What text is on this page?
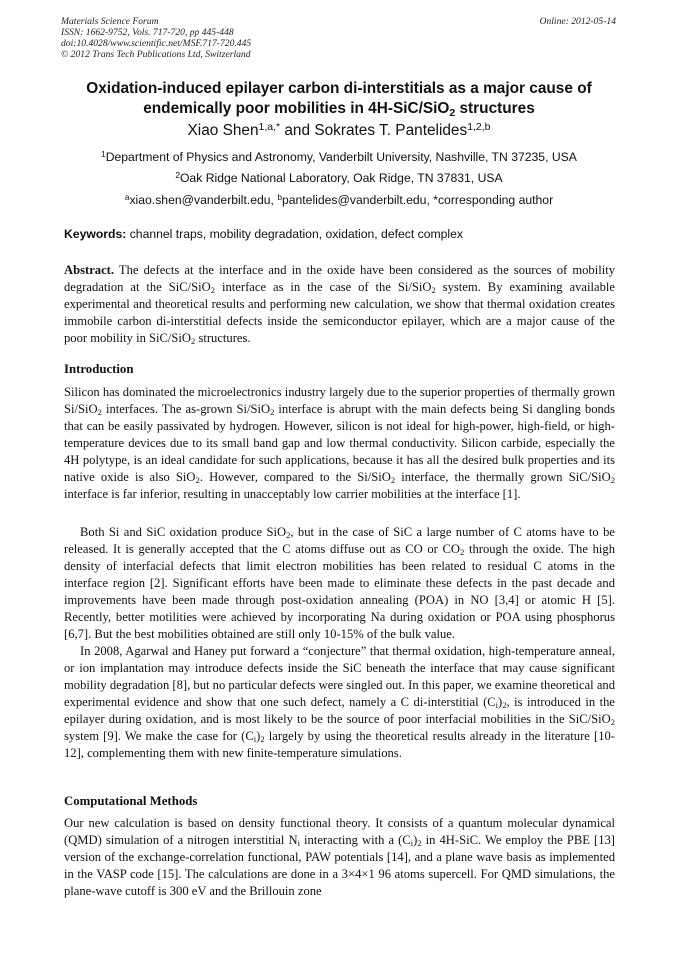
Materials Science Forum
ISSN: 1662-9752, Vols. 717-720, pp 445-448
doi:10.4028/www.scientific.net/MSF.717-720.445
© 2012 Trans Tech Publications Ltd, Switzerland
Online: 2012-05-14
Oxidation-induced epilayer carbon di-interstitials as a major cause of
endemically poor mobilities in 4H-SiC/SiO$_2$ structures
Xiao Shen$^{1,a,*}$ and Sokrates T. Pantelides$^{1,2,b}$
$^1$Department of Physics and Astronomy, Vanderbilt University, Nashville, TN 37235, USA
$^2$Oak Ridge National Laboratory, Oak Ridge, TN 37831, USA
$^a$xiao.shen@vanderbilt.edu, $^b$pantelides@vanderbilt.edu, *corresponding author
Keywords: channel traps, mobility degradation, oxidation, defect complex
Abstract. The defects at the interface and in the oxide have been considered as the sources of mobility degradation at the SiC/SiO$_2$ interface as in the case of the Si/SiO$_2$ system. By examining available experimental and theoretical results and performing new calculation, we show that thermal oxidation creates immobile carbon di-interstitial defects inside the semiconductor epilayer, which are a major cause of the poor mobility in SiC/SiO$_2$ structures.
Introduction
Silicon has dominated the microelectronics industry largely due to the superior properties of thermally grown Si/SiO$_2$ interfaces. The as-grown Si/SiO$_2$ interface is abrupt with the main defects being Si dangling bonds that can be easily passivated by hydrogen. However, silicon is not ideal for high-power, high-field, or high-temperature devices due to its small band gap and low thermal conductivity. Silicon carbide, especially the 4H polytype, is an ideal candidate for such applications, because it has all the desired bulk properties and its native oxide is also SiO$_2$. However, compared to the Si/SiO$_2$ interface, the thermally grown SiC/SiO$_2$ interface is far inferior, resulting in unacceptably low carrier mobilities at the interface [1].
Both Si and SiC oxidation produce SiO$_2$, but in the case of SiC a large number of C atoms have to be released. It is generally accepted that the C atoms diffuse out as CO or $CO_2$ through the oxide. The high density of interfacial defects that limit electron mobilities has been related to residual C atoms in the interface region [2]. Significant efforts have been made to eliminate these defects in the past decade and improvements have been made through post-oxidation annealing (POA) in NO [3,4] or atomic H [5]. Recently, better motilities were achieved by incorporating Na during oxidation or POA using phosphorus [6,7]. But the best mobilities obtained are still only 10-15% of the bulk value.
In 2008, Agarwal and Haney put forward a “conjecture” that thermal oxidation, high-temperature anneal, or ion implantation may introduce defects inside the SiC beneath the interface that may cause significant mobility degradation [8], but no particular defects were singled out. In this paper, we examine theoretical and experimental evidence and show that one such defect, namely a C di-interstitial $(C_i)_2$, is introduced in the epilayer during oxidation, and is most likely to be the source of poor interfacial mobilities in the SiC/SiO$_2$ system [9]. We make the case for $(C_i)_2$ largely by using the theoretical results already in the literature [10-12], complementing them with new finite-temperature simulations.
Computational Methods
Our new calculation is based on density functional theory. It consists of a quantum molecular dynamical (QMD) simulation of a nitrogen interstitial $N_i$ interacting with a $(C_i)_2$ in 4H-SiC. We employ the PBE [13] version of the exchange-correlation functional, PAW potentials [14], and a plane wave basis as implemented in the VASP code [15]. The calculations are done in a 3×4×1 96 atoms supercell. For QMD simulations, the plane-wave cutoff is 300 eV and the Brillouin zone
